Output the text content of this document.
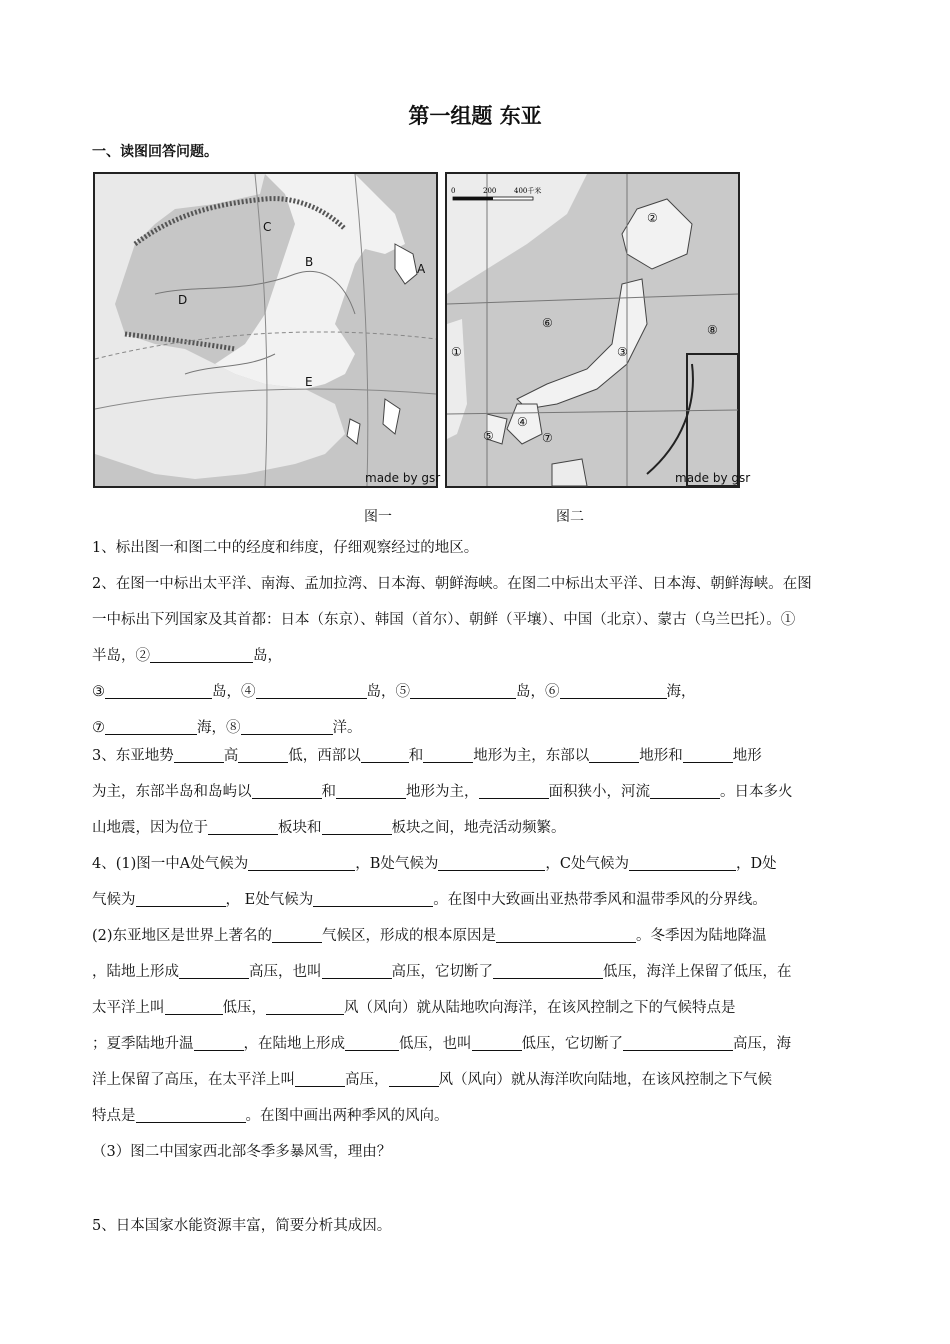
第一组题 东亚
一、读图回答问题。
C
B	A
D
E
made by gsr
0	200	400千米
①
②
③
④
⑤
⑥
⑦
⑧
made by gsr
图一	图二
1、标出图一和图二中的经度和纬度，仔细观察经过的地区。
2、在图一中标出太平洋、南海、孟加拉湾、日本海、朝鲜海峡。在图二中标出太平洋、日本海、朝鲜海峡。在图
一中标出下列国家及其首都：日本（东京）、韩国（首尔）、朝鲜（平壤）、中国（北京）、蒙古（乌兰巴托）。①
半岛，②	岛，
③	岛，④	岛，⑤	岛，⑥	海，
⑦	海，⑧	洋。
3、东亚地势	高	低，西部以	和	地形为主，东部以	地形和	地形
为主，东部半岛和岛屿以	和	地形为主，	面积狭小，河流	。日本多火
山地震，因为位于	板块和	板块之间，地壳活动频繁。
4、(1)图一中A处气候为	，B处气候为	，C处气候为	，D处
气候为	， E处气候为	。在图中大致画出亚热带季风和温带季风的分界线。
(2)东亚地区是世界上著名的	气候区，形成的根本原因是	。冬季因为陆地降温
，陆地上形成	高压，也叫	高压，它切断了	低压，海洋上保留了低压，在
太平洋上叫	低压，	风（风向）就从陆地吹向海洋，在该风控制之下的气候特点是
；夏季陆地升温	，在陆地上形成	低压，也叫	低压，它切断了	高压，海
洋上保留了高压，在太平洋上叫	高压，	风（风向）就从海洋吹向陆地，在该风控制之下气候
特点是	。在图中画出两种季风的风向。
（3）图二中国家西北部冬季多暴风雪，理由？
5、日本国家水能资源丰富，简要分析其成因。
